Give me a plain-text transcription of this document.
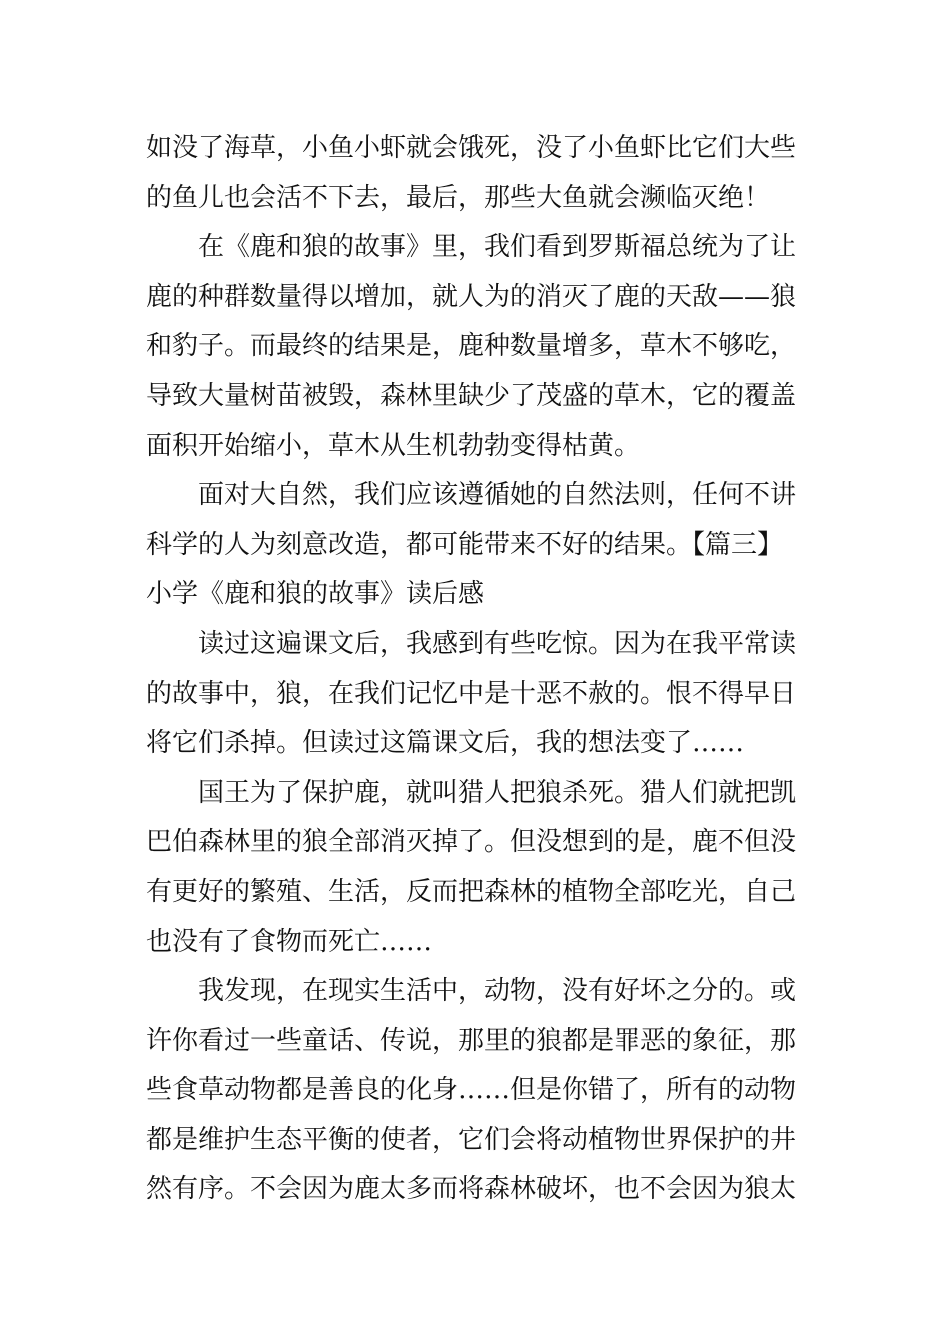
如没了海草，小鱼小虾就会饿死，没了小鱼虾比它们大些
的鱼儿也会活不下去，最后，那些大鱼就会濒临灭绝！
在《鹿和狼的故事》里，我们看到罗斯福总统为了让
鹿的种群数量得以增加，就人为的消灭了鹿的天敌——狼
和豹子。而最终的结果是，鹿种数量增多，草木不够吃，
导致大量树苗被毁，森林里缺少了茂盛的草木，它的覆盖
面积开始缩小，草木从生机勃勃变得枯黄。
面对大自然，我们应该遵循她的自然法则，任何不讲
科学的人为刻意改造，都可能带来不好的结果。【篇三】
小学《鹿和狼的故事》读后感
读过这遍课文后，我感到有些吃惊。因为在我平常读
的故事中，狼，在我们记忆中是十恶不赦的。恨不得早日
将它们杀掉。但读过这篇课文后，我的想法变了……
国王为了保护鹿，就叫猎人把狼杀死。猎人们就把凯
巴伯森林里的狼全部消灭掉了。但没想到的是，鹿不但没
有更好的繁殖、生活，反而把森林的植物全部吃光，自己
也没有了食物而死亡……
我发现，在现实生活中，动物，没有好坏之分的。或
许你看过一些童话、传说，那里的狼都是罪恶的象征，那
些食草动物都是善良的化身……但是你错了，所有的动物
都是维护生态平衡的使者，它们会将动植物世界保护的井
然有序。不会因为鹿太多而将森林破坏，也不会因为狼太
